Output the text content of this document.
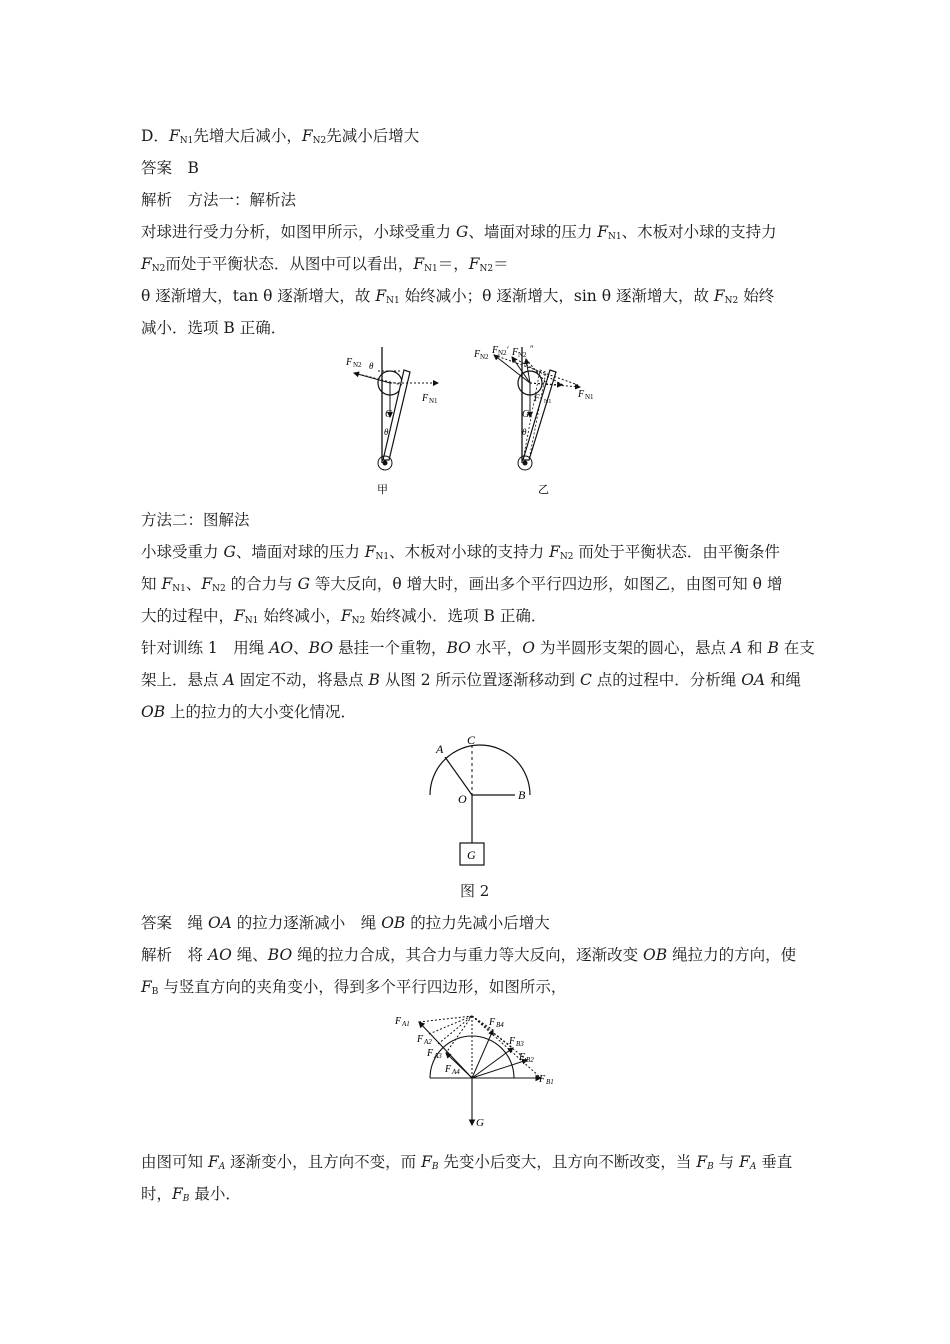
D．$F_{N1}$先增大后减小，$F_{N2}$先减小后增大
答案　B
解析　方法一：解析法
对球进行受力分析，如图甲所示，小球受重力 G、墙面对球的压力 $F_{N1}$、木板对小球的支持力
$F_{N2}$而处于平衡状态．从图中可以看出，$F_{N1}=$，$F_{N2}=$
θ 逐渐增大，tan θ 逐渐增大，故 $F_{N1}$ 始终减小；θ 逐渐增大，sin θ 逐渐增大，故 $F_{N2}$ 始终
减小．选项 B 正确．
F N2
F N1
θ
G
θ
甲
F N2
F N2 ′ F N2
″
F N1
F N1
G
θ
乙
方法二：图解法
小球受重力 G、墙面对球的压力 $F_{N1}$、木板对小球的支持力 $F_{N2}$ 而处于平衡状态．由平衡条件
知 $F_{N1}$、$F_{N2}$ 的合力与 G 等大反向，θ 增大时，画出多个平行四边形，如图乙，由图可知 θ 增
大的过程中，$F_{N1}$ 始终减小，$F_{N2}$ 始终减小．选项 B 正确．
针对训练 1　用绳 AO、BO 悬挂一个重物，BO 水平，O 为半圆形支架的圆心，悬点 A 和 B 在支
架上．悬点 A 固定不动，将悬点 B 从图 2 所示位置逐渐移动到 C 点的过程中．分析绳 OA 和绳
OB 上的拉力的大小变化情况．
A
C
O	B
G
图 2
答案　绳 OA 的拉力逐渐减小　绳 OB 的拉力先减小后增大
解析　将 AO 绳、BO 绳的拉力合成，其合力与重力等大反向，逐渐改变 OB 绳拉力的方向，使
$F_B$ 与竖直方向的夹角变小，得到多个平行四边形，如图所示，
F A1
F A2
F A3
F A4
F B4
F B3
F B2
F B1
G
由图可知 $F_A$ 逐渐变小，且方向不变，而 $F_B$ 先变小后变大，且方向不断改变，当 $F_B$ 与 $F_A$ 垂直
时，$F_B$ 最小．
